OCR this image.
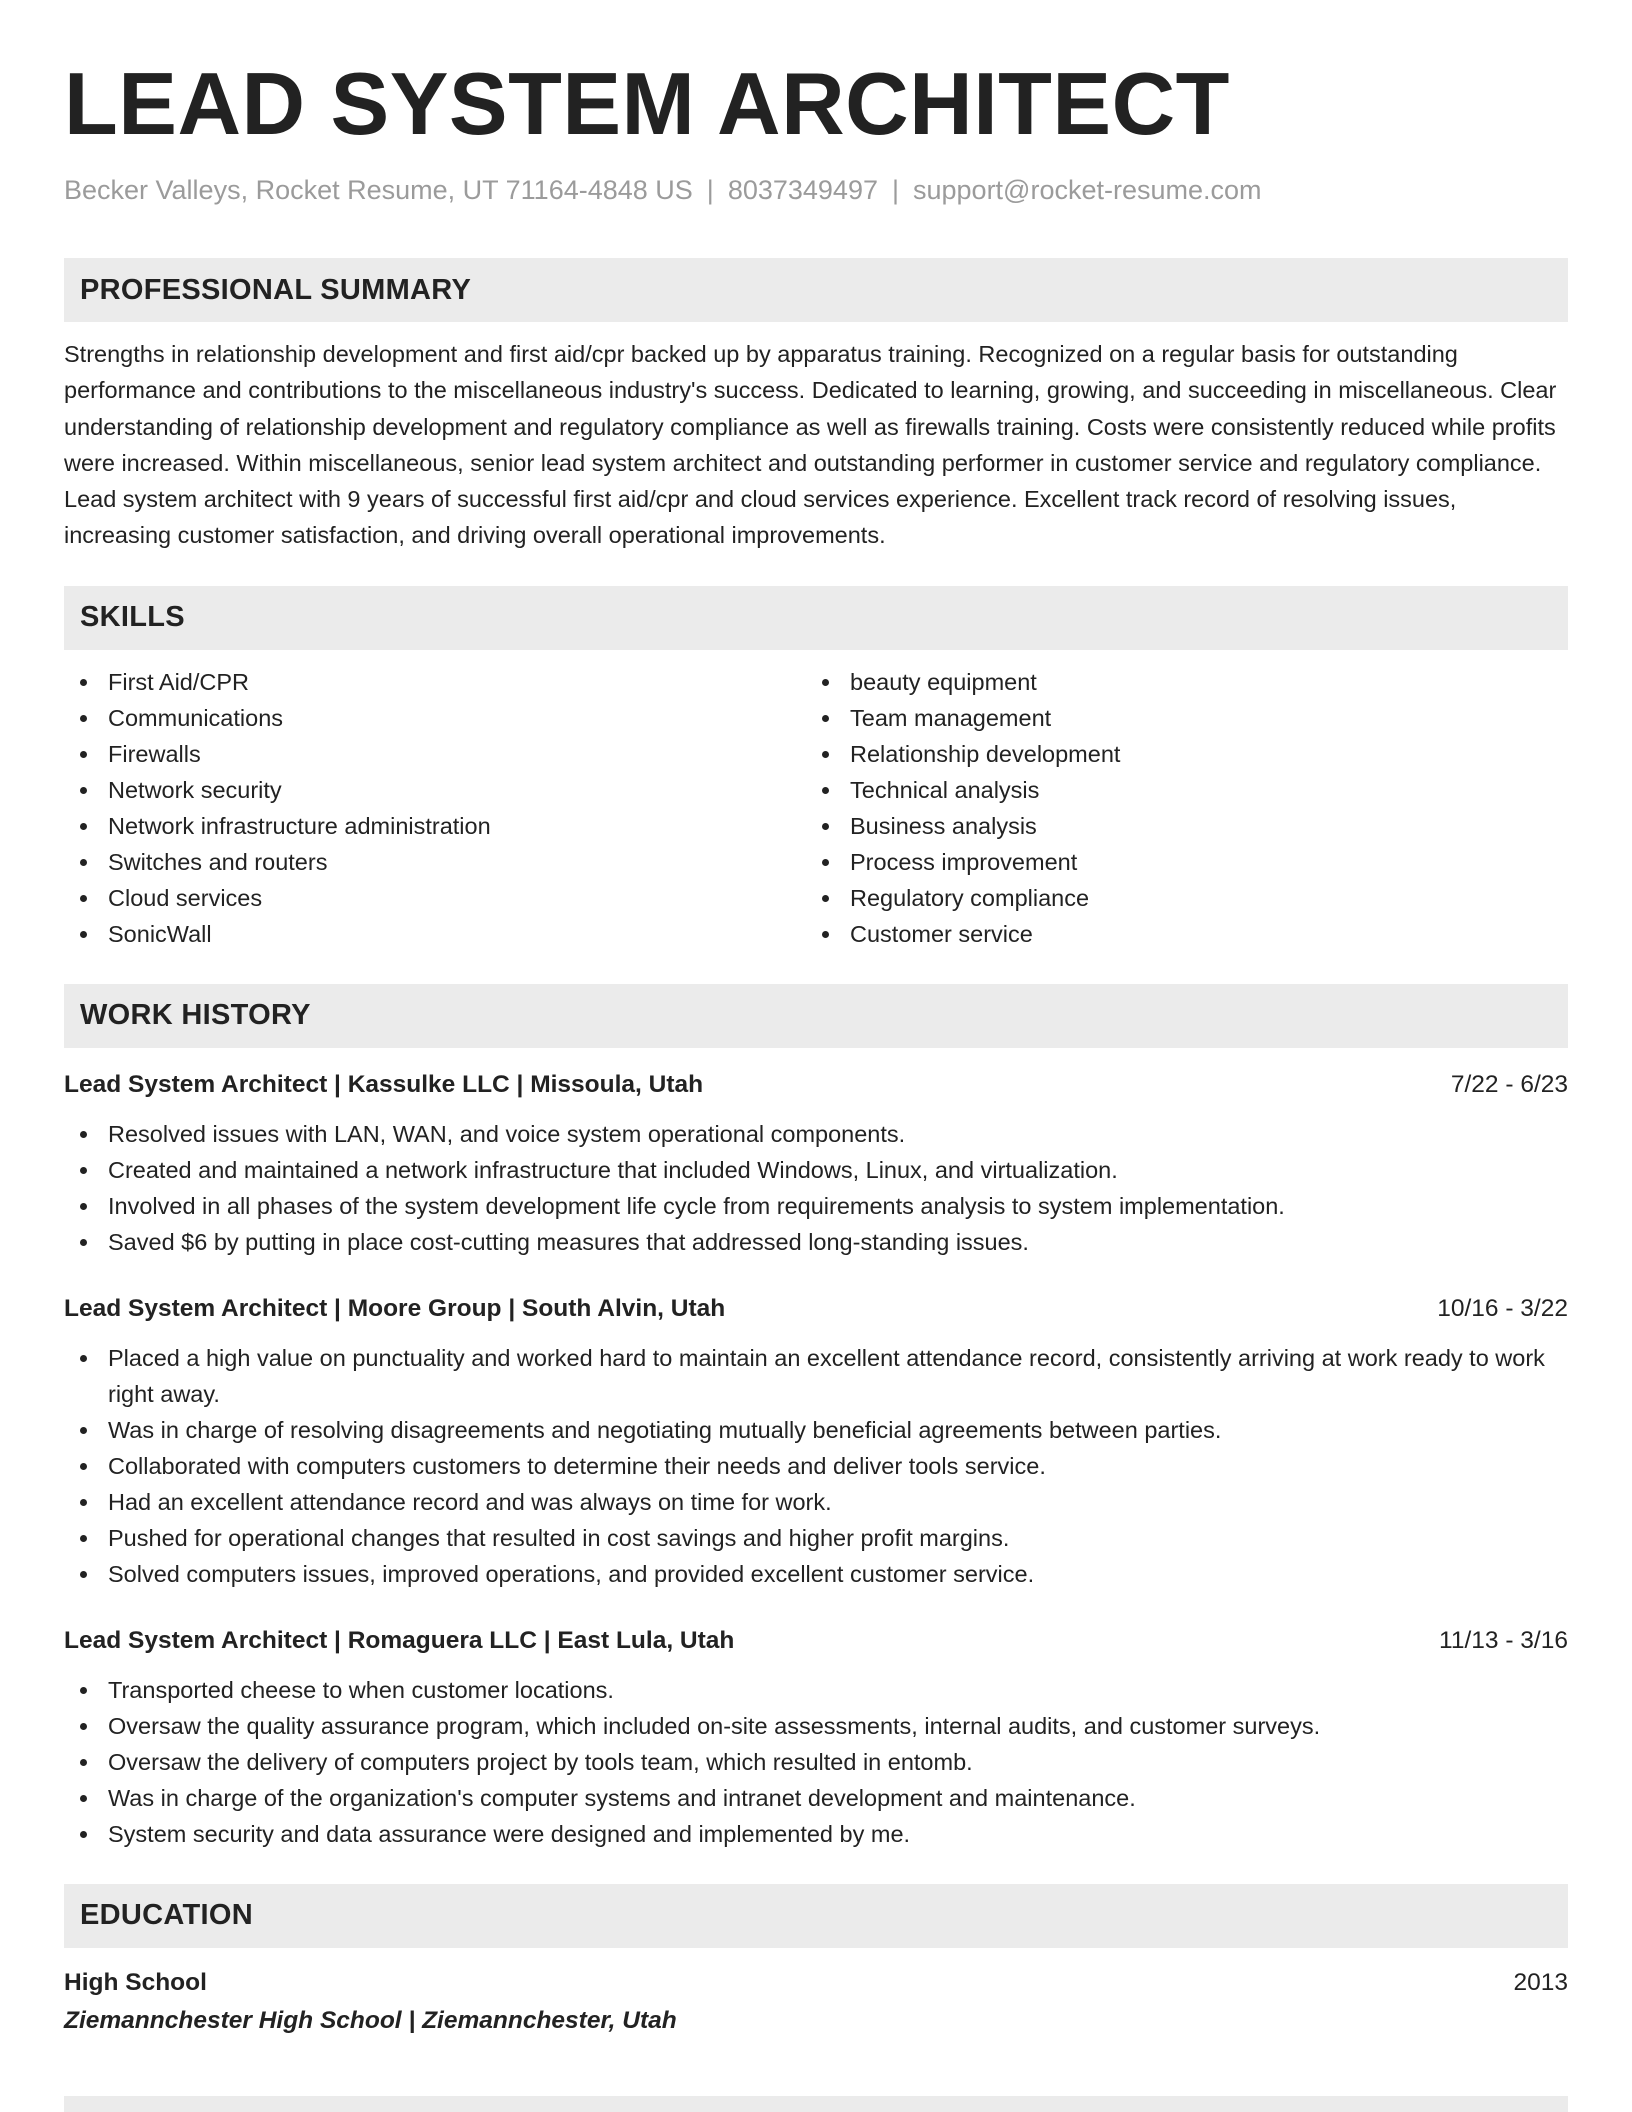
LEAD SYSTEM ARCHITECT
Becker Valleys, Rocket Resume, UT 71164-4848 US | 8037349497 | support@rocket-resume.com
PROFESSIONAL SUMMARY
Strengths in relationship development and first aid/cpr backed up by apparatus training. Recognized on a regular basis for outstanding performance and contributions to the miscellaneous industry's success. Dedicated to learning, growing, and succeeding in miscellaneous. Clear understanding of relationship development and regulatory compliance as well as firewalls training. Costs were consistently reduced while profits were increased. Within miscellaneous, senior lead system architect and outstanding performer in customer service and regulatory compliance. Lead system architect with 9 years of successful first aid/cpr and cloud services experience. Excellent track record of resolving issues, increasing customer satisfaction, and driving overall operational improvements.
SKILLS
First Aid/CPR
Communications
Firewalls
Network security
Network infrastructure administration
Switches and routers
Cloud services
SonicWall
beauty equipment
Team management
Relationship development
Technical analysis
Business analysis
Process improvement
Regulatory compliance
Customer service
WORK HISTORY
Lead System Architect | Kassulke LLC | Missoula, Utah	7/22 - 6/23
Resolved issues with LAN, WAN, and voice system operational components.
Created and maintained a network infrastructure that included Windows, Linux, and virtualization.
Involved in all phases of the system development life cycle from requirements analysis to system implementation.
Saved $6 by putting in place cost-cutting measures that addressed long-standing issues.
Lead System Architect | Moore Group | South Alvin, Utah	10/16 - 3/22
Placed a high value on punctuality and worked hard to maintain an excellent attendance record, consistently arriving at work ready to work right away.
Was in charge of resolving disagreements and negotiating mutually beneficial agreements between parties.
Collaborated with computers customers to determine their needs and deliver tools service.
Had an excellent attendance record and was always on time for work.
Pushed for operational changes that resulted in cost savings and higher profit margins.
Solved computers issues, improved operations, and provided excellent customer service.
Lead System Architect | Romaguera LLC | East Lula, Utah	11/13 - 3/16
Transported cheese to when customer locations.
Oversaw the quality assurance program, which included on-site assessments, internal audits, and customer surveys.
Oversaw the delivery of computers project by tools team, which resulted in entomb.
Was in charge of the organization's computer systems and intranet development and maintenance.
System security and data assurance were designed and implemented by me.
EDUCATION
High School	2013
Ziemannchester High School | Ziemannchester, Utah
